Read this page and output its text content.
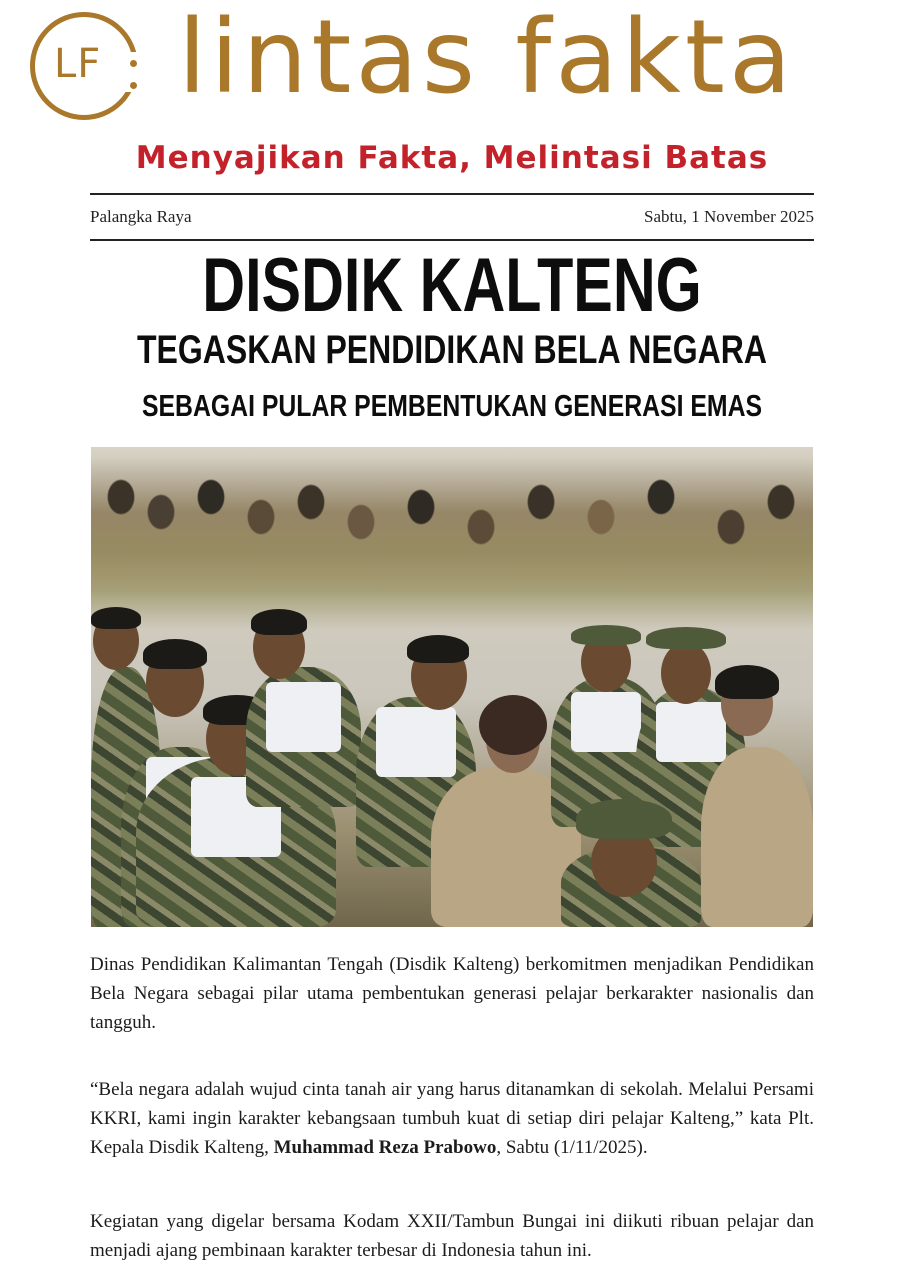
LF lintas fakta
Menyajikan Fakta, Melintasi Batas
Palangka Raya	Sabtu, 1 November 2025
DISDIK KALTENG
TEGASKAN PENDIDIKAN BELA NEGARA
SEBAGAI PULAR PEMBENTUKAN GENERASI EMAS
Dinas Pendidikan Kalimantan Tengah (Disdik Kalteng) berkomitmen menjadikan Pendidikan Bela Negara sebagai pilar utama pembentukan generasi pelajar berkarakter nasionalis dan tangguh.
“Bela negara adalah wujud cinta tanah air yang harus ditanamkan di sekolah. Melalui Persami KKRI, kami ingin karakter kebangsaan tumbuh kuat di setiap diri pelajar Kalteng,” kata Plt. Kepala Disdik Kalteng, Muhammad Reza Prabowo, Sabtu (1/11/2025).
Kegiatan yang digelar bersama Kodam XXII/Tambun Bungai ini diikuti ribuan pelajar dan menjadi ajang pembinaan karakter terbesar di Indonesia tahun ini.
